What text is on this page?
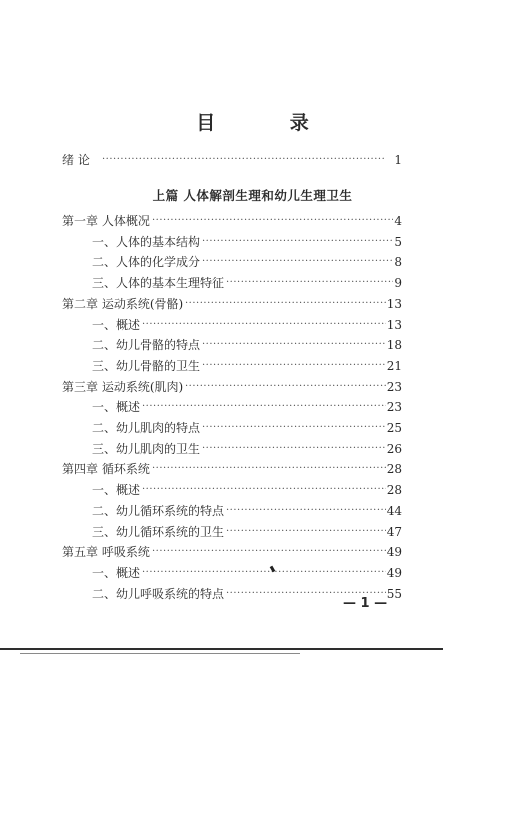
目 录
绪 论 ·····	1
上篇 人体解剖生理和幼儿生理卫生
第一章 人体概况 ·····	4
一、人体的基本结构 ·····	5
二、人体的化学成分 ·····	8
三、人体的基本生理特征 ·····	9
第二章 运动系统(骨骼) ·····	13
一、概述 ·····	13
二、幼儿骨骼的特点 ·····	18
三、幼儿骨骼的卫生 ·····	21
第三章 运动系统(肌肉) ·····	23
一、概述 ·····	23
二、幼儿肌肉的特点 ·····	25
三、幼儿肌肉的卫生 ·····	26
第四章 循环系统 ·····	28
一、概述 ·····	28
二、幼儿循环系统的特点 ·····	44
三、幼儿循环系统的卫生 ·····	47
第五章 呼吸系统 ·····	49
一、概述 ·····	49
二、幼儿呼吸系统的特点 ·····	55
— 1 —
